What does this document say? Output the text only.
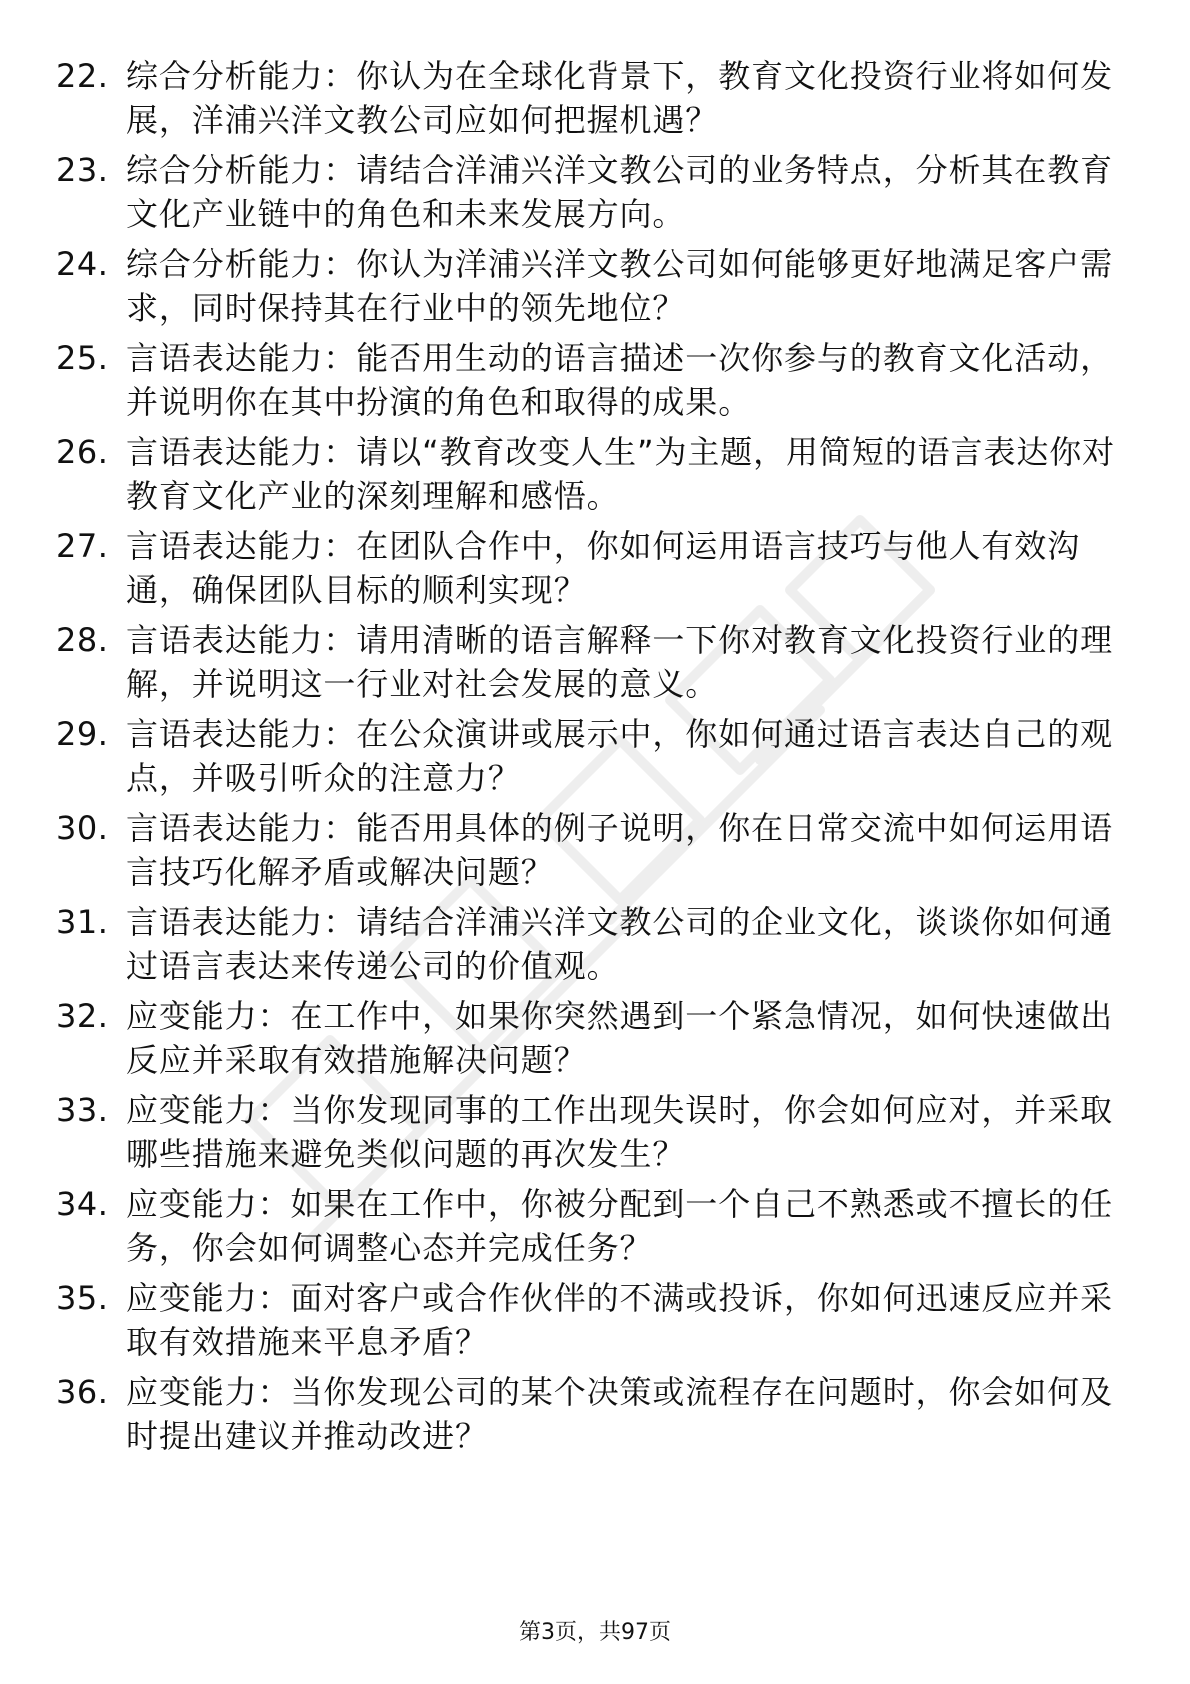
22. 综合分析能力：你认为在全球化背景下，教育文化投资行业将如何发展，洋浦兴洋文教公司应如何把握机遇？
23. 综合分析能力：请结合洋浦兴洋文教公司的业务特点，分析其在教育文化产业链中的角色和未来发展方向。
24. 综合分析能力：你认为洋浦兴洋文教公司如何能够更好地满足客户需求，同时保持其在行业中的领先地位？
25. 言语表达能力：能否用生动的语言描述一次你参与的教育文化活动，并说明你在其中扮演的角色和取得的成果。
26. 言语表达能力：请以“教育改变人生”为主题，用简短的语言表达你对教育文化产业的深刻理解和感悟。
27. 言语表达能力：在团队合作中，你如何运用语言技巧与他人有效沟通，确保团队目标的顺利实现？
28. 言语表达能力：请用清晰的语言解释一下你对教育文化投资行业的理解，并说明这一行业对社会发展的意义。
29. 言语表达能力：在公众演讲或展示中，你如何通过语言表达自己的观点，并吸引听众的注意力？
30. 言语表达能力：能否用具体的例子说明，你在日常交流中如何运用语言技巧化解矛盾或解决问题？
31. 言语表达能力：请结合洋浦兴洋文教公司的企业文化，谈谈你如何通过语言表达来传递公司的价值观。
32. 应变能力：在工作中，如果你突然遇到一个紧急情况，如何快速做出反应并采取有效措施解决问题？
33. 应变能力：当你发现同事的工作出现失误时，你会如何应对，并采取哪些措施来避免类似问题的再次发生？
34. 应变能力：如果在工作中，你被分配到一个自己不熟悉或不擅长的任务，你会如何调整心态并完成任务？
35. 应变能力：面对客户或合作伙伴的不满或投诉，你如何迅速反应并采取有效措施来平息矛盾？
36. 应变能力：当你发现公司的某个决策或流程存在问题时，你会如何及时提出建议并推动改进？
第3页，共97页
